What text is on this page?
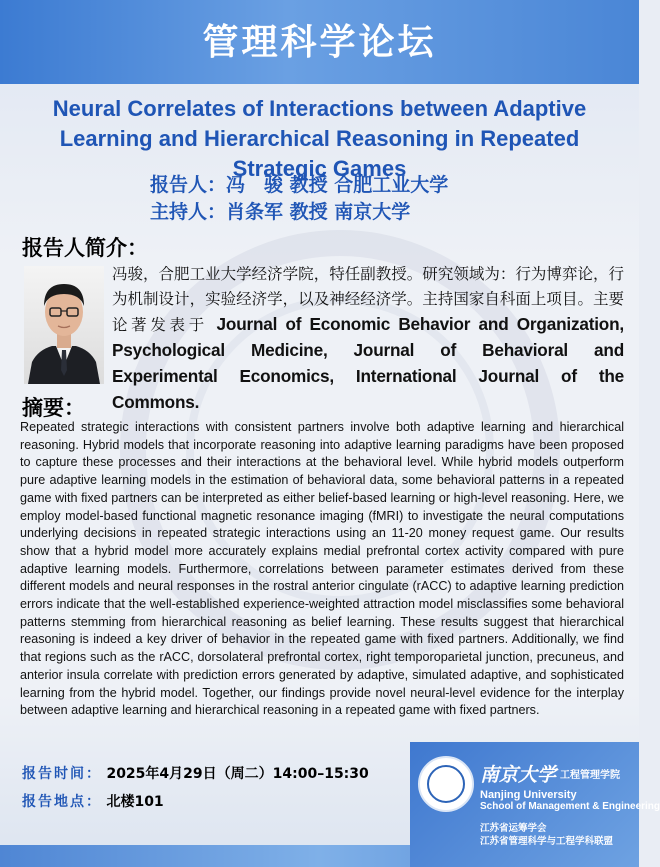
管理科学论坛
Neural Correlates of Interactions between Adaptive
Learning and Hierarchical Reasoning in Repeated Strategic Games
报告人：冯　骏 教授 合肥工业大学
主持人：肖条军 教授 南京大学
报告人简介：
冯骏，合肥工业大学经济学院，特任副教授。研究领域为：行为博弈论，行为机制设计，实验经济学，以及神经经济学。主持国家自科面上项目。主要论著发表于 Journal of Economic Behavior and Organization, Psychological Medicine, Journal of Behavioral and Experimental Economics, International Journal of the Commons.
摘要：
Repeated strategic interactions with consistent partners involve both adaptive learning and hierarchical reasoning. Hybrid models that incorporate reasoning into adaptive learning paradigms have been proposed to capture these processes and their interactions at the behavioral level. While hybrid models outperform pure adaptive learning models in the estimation of behavioral data, some behavioral patterns in a repeated game with fixed partners can be interpreted as either belief-based learning or high-level reasoning. Here, we employ model-based functional magnetic resonance imaging (fMRI) to investigate the neural computations underlying decisions in repeated strategic interactions using an 11-20 money request game. Our results show that a hybrid model more accurately explains medial prefrontal cortex activity compared with pure adaptive learning models. Furthermore, correlations between parameter estimates derived from these different models and neural responses in the rostral anterior cingulate (rACC) to adaptive learning prediction errors indicate that the well-established experience-weighted attraction model misclassifies some behavioral patterns stemming from hierarchical reasoning as belief learning. These results suggest that hierarchical reasoning is indeed a key driver of behavior in the repeated game with fixed partners. Additionally, we find that regions such as the rACC, dorsolateral prefrontal cortex, right temporoparietal junction, precuneus, and anterior insula correlate with prediction errors generated by adaptive, simulated adaptive, and sophisticated learning from the hybrid model. Together, our findings provide novel neural-level evidence for the interplay between adaptive learning and hierarchical reasoning in a repeated game with fixed partners.
报告时间： 2025年4月29日（周二）14:00–15:30
报告地点： 北楼101
南京大学 工程管理学院
Nanjing University
School of Management & Engineering
江苏省运筹学会
江苏省管理科学与工程学科联盟
